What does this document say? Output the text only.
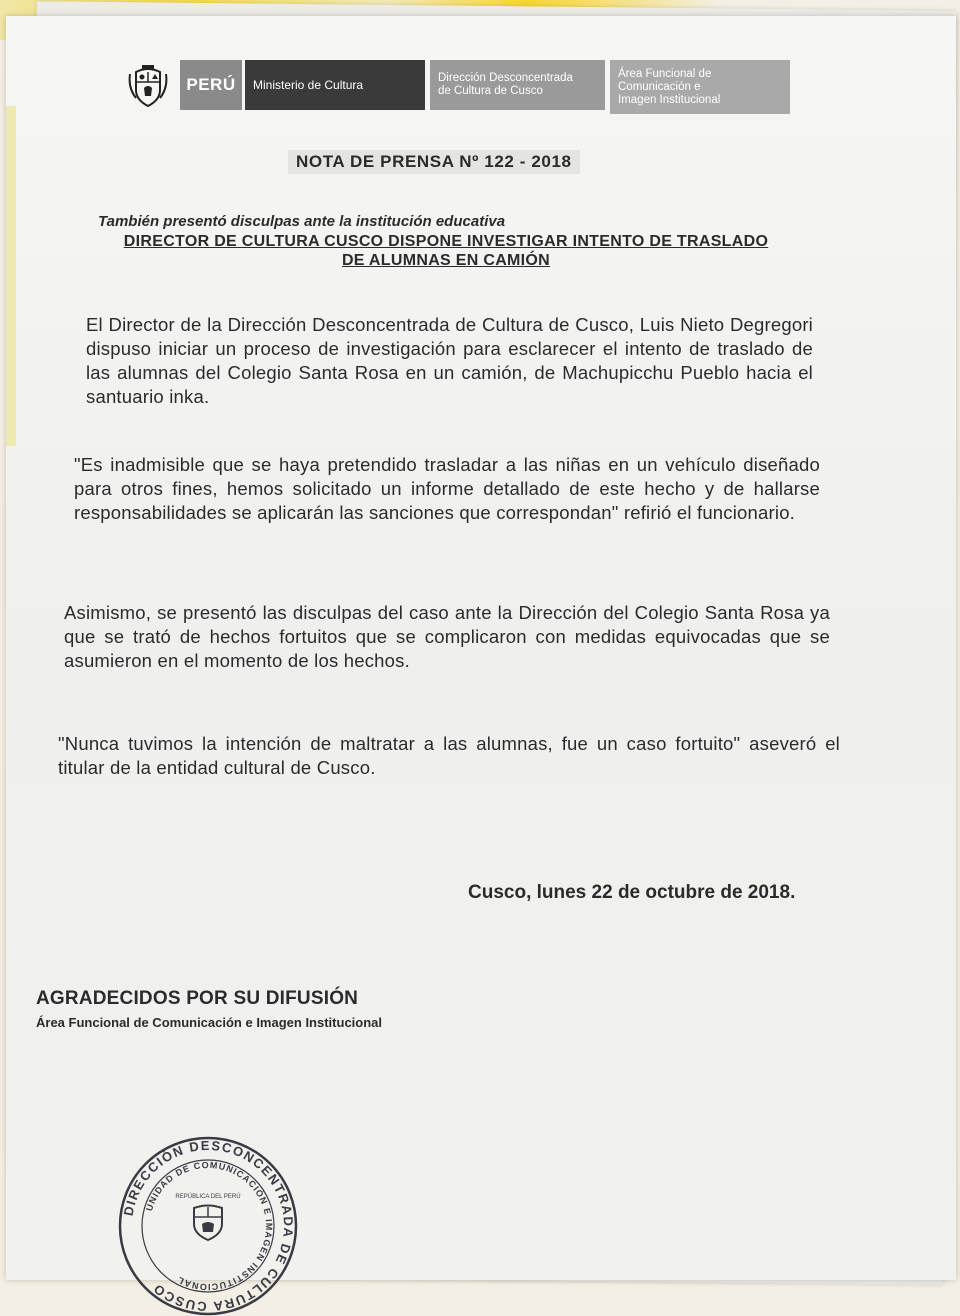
PERÚ Ministerio de Cultura	Dirección Desconcentrada
de Cultura de Cusco
Área Funcional de
Comunicación e
Imagen Institucional
NOTA DE PRENSA Nº 122 - 2018
También presentó disculpas ante la institución educativa
DIRECTOR DE CULTURA CUSCO DISPONE INVESTIGAR INTENTO DE TRASLADO DE ALUMNAS EN CAMIÓN
El Director de la Dirección Desconcentrada de Cultura de Cusco, Luis Nieto Degregori dispuso iniciar un proceso de investigación para esclarecer el intento de traslado de las alumnas del Colegio Santa Rosa en un camión, de Machupicchu Pueblo hacia el santuario inka.
"Es inadmisible que se haya pretendido trasladar a las niñas en un vehículo diseñado para otros fines, hemos solicitado un informe detallado de este hecho y de hallarse responsabilidades se aplicarán las sanciones que correspondan" refirió el funcionario.
Asimismo, se presentó las disculpas del caso ante la Dirección del Colegio Santa Rosa ya que se trató de hechos fortuitos que se complicaron con medidas equivocadas que se asumieron en el momento de los hechos.
"Nunca tuvimos la intención de maltratar a las alumnas, fue un caso fortuito" aseveró el titular de la entidad cultural de Cusco.
Cusco, lunes 22 de octubre de 2018.
AGRADECIDOS POR SU DIFUSIÓN
Área Funcional de Comunicación e Imagen Institucional
DIRECCIÓN DESCONCENTRADA DE CULTURA CUSCO
UNIDAD DE COMUNICACIÓN E IMAGEN INSTITUCIONAL
REPÚBLICA DEL PERÚ
